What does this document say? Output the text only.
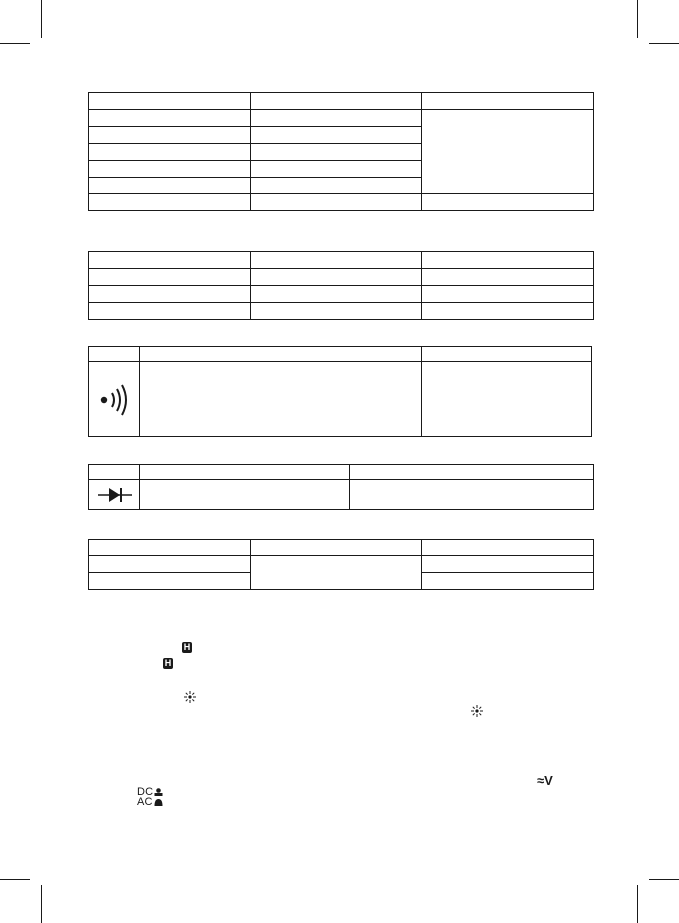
H
H
≈V
DC
AC
